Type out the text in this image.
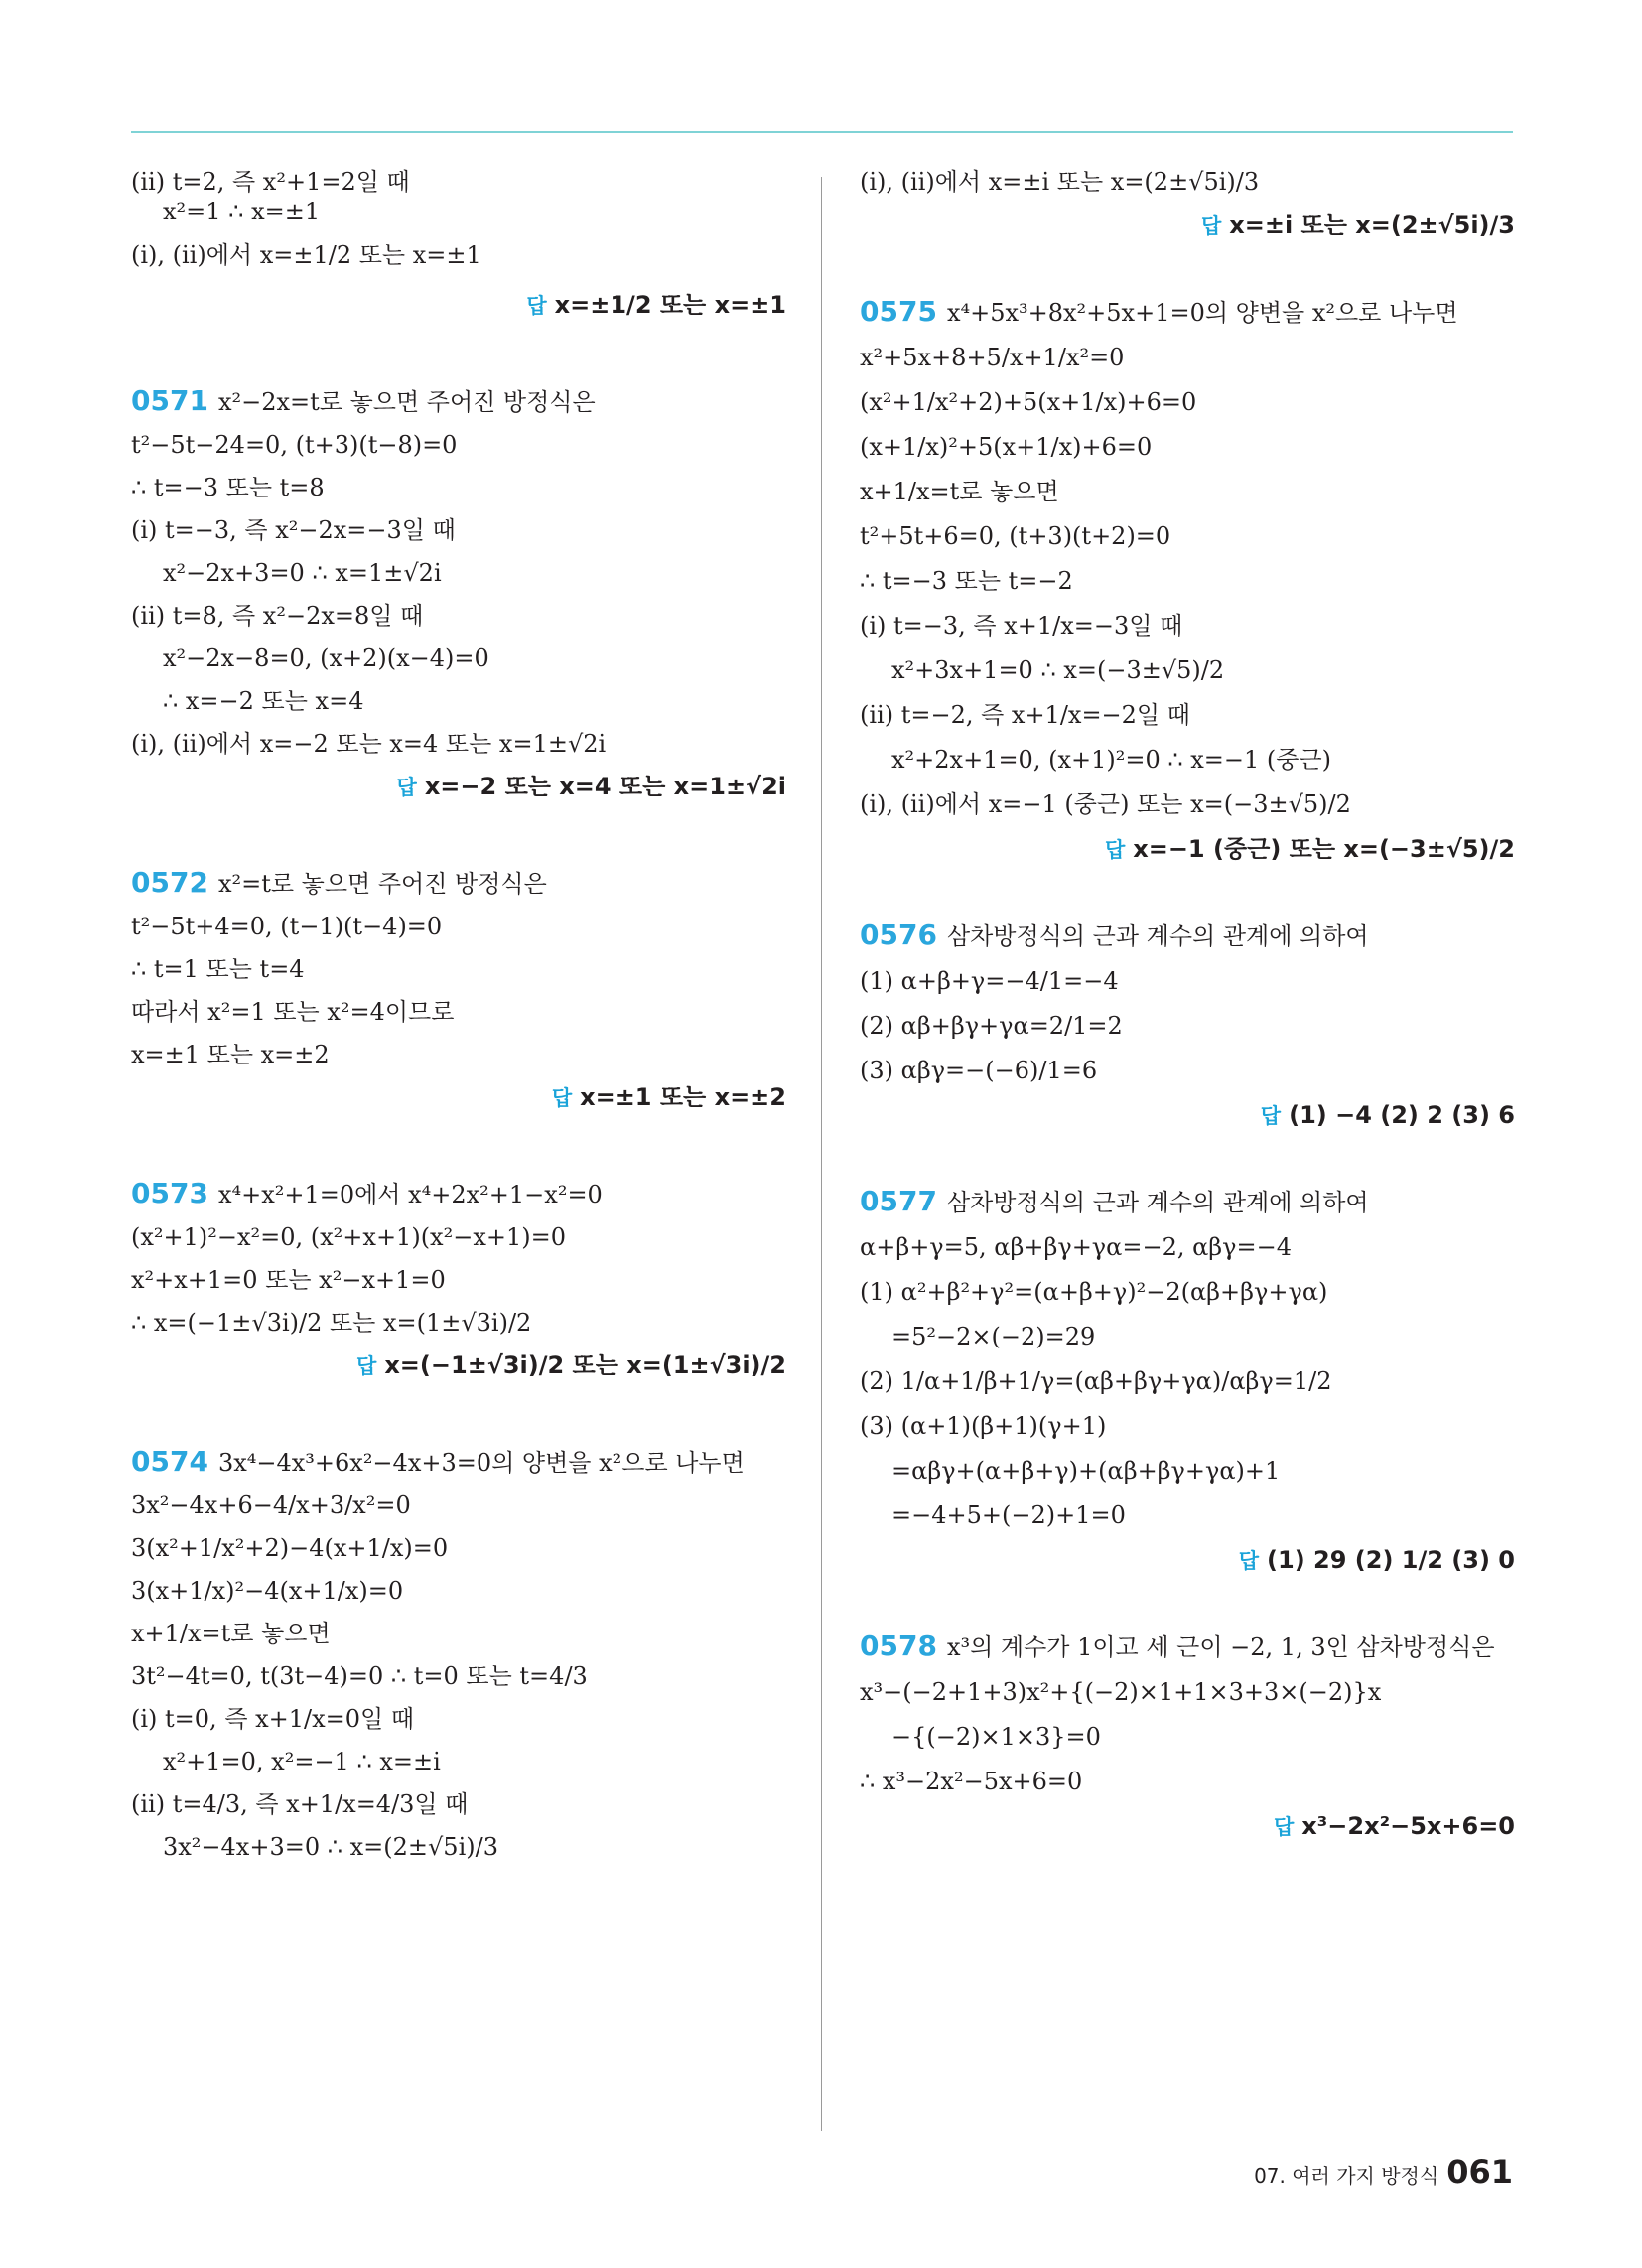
(ⅱ) t=2, 즉 x²+1=2일 때
x²=1 ∴ x=±1
(ⅰ), (ⅱ)에서 x=±1/2 또는 x=±1
답 x=±1/2 또는 x=±1
0571 x²−2x=t로 놓으면 주어진 방정식은
t²−5t−24=0, (t+3)(t−8)=0
∴ t=−3 또는 t=8
(ⅰ) t=−3, 즉 x²−2x=−3일 때
x²−2x+3=0 ∴ x=1±√2i
(ⅱ) t=8, 즉 x²−2x=8일 때
x²−2x−8=0, (x+2)(x−4)=0
∴ x=−2 또는 x=4
(ⅰ), (ⅱ)에서 x=−2 또는 x=4 또는 x=1±√2i
답 x=−2 또는 x=4 또는 x=1±√2i
0572 x²=t로 놓으면 주어진 방정식은
t²−5t+4=0, (t−1)(t−4)=0
∴ t=1 또는 t=4
따라서 x²=1 또는 x²=4이므로
x=±1 또는 x=±2
답 x=±1 또는 x=±2
0573 x⁴+x²+1=0에서 x⁴+2x²+1−x²=0
(x²+1)²−x²=0, (x²+x+1)(x²−x+1)=0
x²+x+1=0 또는 x²−x+1=0
∴ x=(−1±√3i)/2 또는 x=(1±√3i)/2
답 x=(−1±√3i)/2 또는 x=(1±√3i)/2
0574 3x⁴−4x³+6x²−4x+3=0의 양변을 x²으로 나누면
3x²−4x+6−4/x+3/x²=0
3(x²+1/x²+2)−4(x+1/x)=0
3(x+1/x)²−4(x+1/x)=0
x+1/x=t로 놓으면
3t²−4t=0, t(3t−4)=0 ∴ t=0 또는 t=4/3
(ⅰ) t=0, 즉 x+1/x=0일 때
x²+1=0, x²=−1 ∴ x=±i
(ⅱ) t=4/3, 즉 x+1/x=4/3일 때
3x²−4x+3=0 ∴ x=(2±√5i)/3
(ⅰ), (ⅱ)에서 x=±i 또는 x=(2±√5i)/3
답 x=±i 또는 x=(2±√5i)/3
0575 x⁴+5x³+8x²+5x+1=0의 양변을 x²으로 나누면
x²+5x+8+5/x+1/x²=0
(x²+1/x²+2)+5(x+1/x)+6=0
(x+1/x)²+5(x+1/x)+6=0
x+1/x=t로 놓으면
t²+5t+6=0, (t+3)(t+2)=0
∴ t=−3 또는 t=−2
(ⅰ) t=−3, 즉 x+1/x=−3일 때
x²+3x+1=0 ∴ x=(−3±√5)/2
(ⅱ) t=−2, 즉 x+1/x=−2일 때
x²+2x+1=0, (x+1)²=0 ∴ x=−1 (중근)
(ⅰ), (ⅱ)에서 x=−1 (중근) 또는 x=(−3±√5)/2
답 x=−1 (중근) 또는 x=(−3±√5)/2
0576 삼차방정식의 근과 계수의 관계에 의하여
(1) α+β+γ=−4/1=−4
(2) αβ+βγ+γα=2/1=2
(3) αβγ=−(−6)/1=6
답 (1) −4 (2) 2 (3) 6
0577 삼차방정식의 근과 계수의 관계에 의하여
α+β+γ=5, αβ+βγ+γα=−2, αβγ=−4
(1) α²+β²+γ²=(α+β+γ)²−2(αβ+βγ+γα)
=5²−2×(−2)=29
(2) 1/α+1/β+1/γ=(αβ+βγ+γα)/αβγ=1/2
(3) (α+1)(β+1)(γ+1)
=αβγ+(α+β+γ)+(αβ+βγ+γα)+1
=−4+5+(−2)+1=0
답 (1) 29 (2) 1/2 (3) 0
0578 x³의 계수가 1이고 세 근이 −2, 1, 3인 삼차방정식은
x³−(−2+1+3)x²+{(−2)×1+1×3+3×(−2)}x
−{(−2)×1×3}=0
∴ x³−2x²−5x+6=0
답 x³−2x²−5x+6=0
07. 여러 가지 방정식 061
